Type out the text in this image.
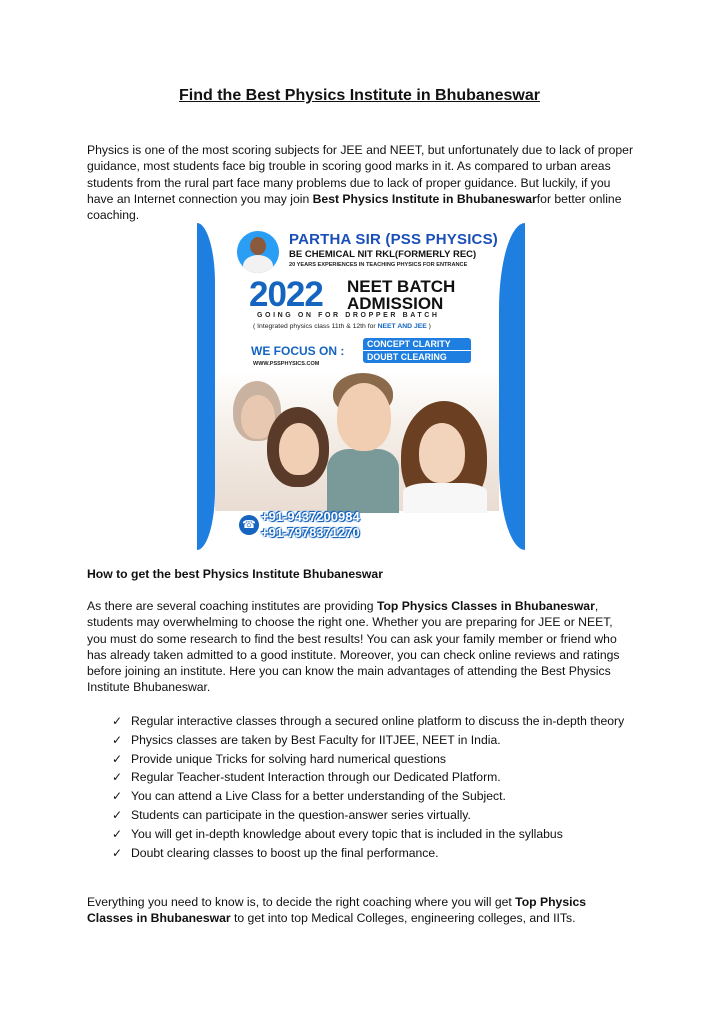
Find the Best Physics Institute in Bhubaneswar

Physics is one of the most scoring subjects for JEE and NEET, but unfortunately due to lack of proper guidance, most students face big trouble in scoring good marks in it. As compared to urban areas students from the rural part face many problems due to lack of proper guidance. But luckily, if you have an Internet connection you may join Best Physics Institute in Bhubaneswarfor better online coaching.

PARTHA SIR (PSS PHYSICS)
BE CHEMICAL NIT RKL(FORMERLY REC)
20 YEARS EXPERIENCES IN TEACHING PHYSICS FOR ENTRANCE
2022 NEET BATCH
ADMISSION
GOING ON FOR DROPPER BATCH
( Integrated physics class 11th & 12th for NEET AND JEE )
WE FOCUS ON :	CONCEPT CLARITY
DOUBT CLEARING
WWW.PSSPHYSICS.COM
☎
+91-9437200984
+91-7978371270

How to get the best Physics Institute Bhubaneswar

As there are several coaching institutes are providing Top Physics Classes in Bhubaneswar, students may overwhelming to choose the right one. Whether you are preparing for JEE or NEET, you must do some research to find the best results! You can ask your family member or friend who has already taken admitted to a good institute. Moreover, you can check online reviews and ratings before joining an institute. Here you can know the main advantages of attending the Best Physics Institute Bhubaneswar.

✓ Regular interactive classes through a secured online platform to discuss the in-depth theory
✓ Physics classes are taken by Best Faculty for IITJEE, NEET in India.
✓ Provide unique Tricks for solving hard numerical questions
✓ Regular Teacher-student Interaction through our Dedicated Platform.
✓ You can attend a Live Class for a better understanding of the Subject.
✓ Students can participate in the question-answer series virtually.
✓ You will get in-depth knowledge about every topic that is included in the syllabus
✓ Doubt clearing classes to boost up the final performance.

Everything you need to know is, to decide the right coaching where you will get Top Physics Classes in Bhubaneswar to get into top Medical Colleges, engineering colleges, and IITs.
